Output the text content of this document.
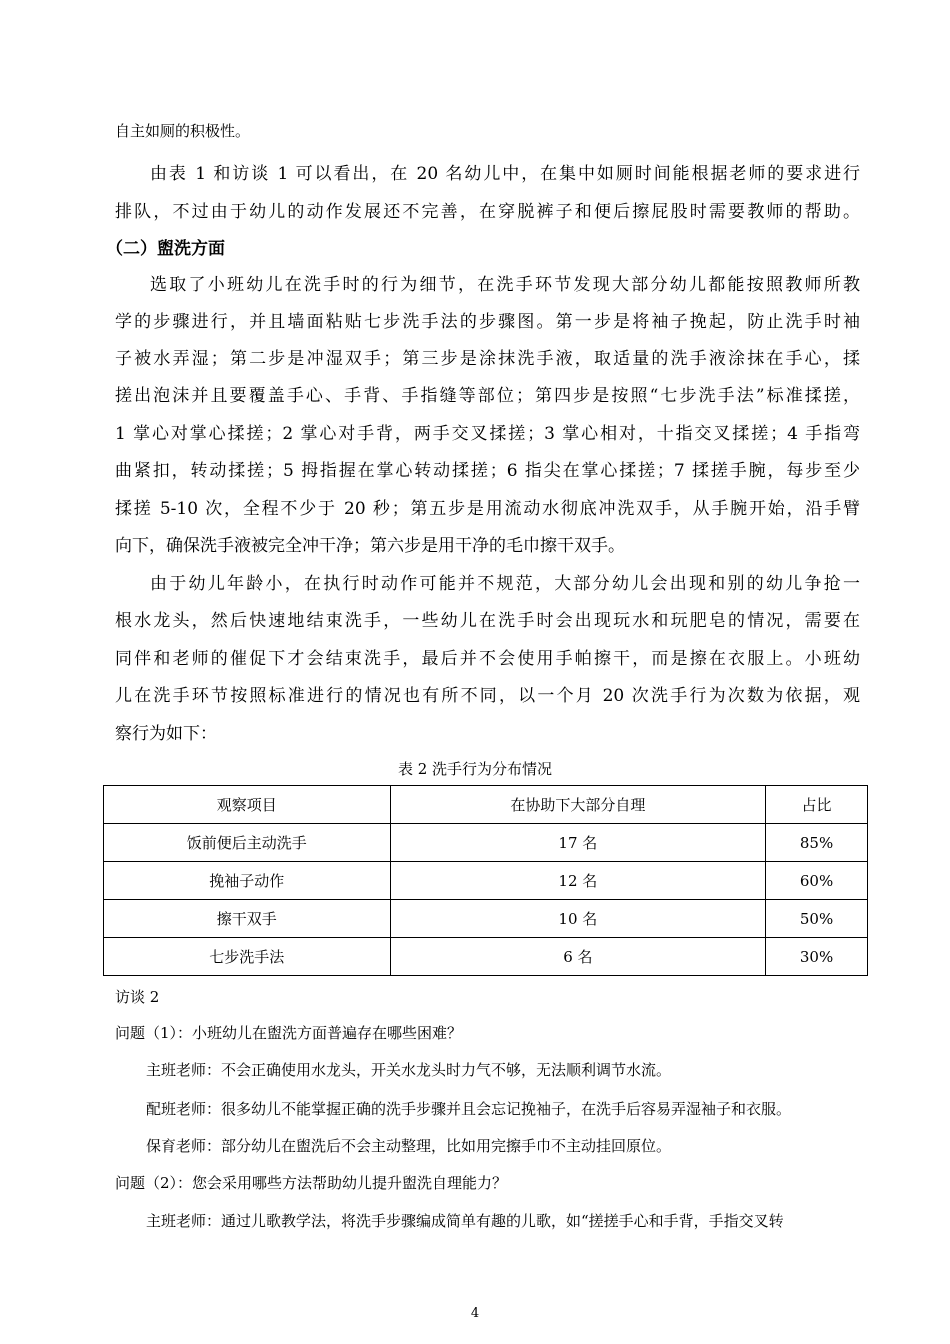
自主如厕的积极性。
由表 1 和访谈 1 可以看出，在 20 名幼儿中，在集中如厕时间能根据老师的要求进行
排队，不过由于幼儿的动作发展还不完善，在穿脱裤子和便后擦屁股时需要教师的帮助。
（二）盥洗方面
选取了小班幼儿在洗手时的行为细节，在洗手环节发现大部分幼儿都能按照教师所教
学的步骤进行，并且墙面粘贴七步洗手法的步骤图。第一步是将袖子挽起，防止洗手时袖
子被水弄湿；第二步是冲湿双手；第三步是涂抹洗手液，取适量的洗手液涂抹在手心，揉
搓出泡沫并且要覆盖手心、手背、手指缝等部位；第四步是按照“七步洗手法”标准揉搓，
1 掌心对掌心揉搓；2 掌心对手背，两手交叉揉搓；3 掌心相对，十指交叉揉搓；4 手指弯
曲紧扣，转动揉搓；5 拇指握在掌心转动揉搓；6 指尖在掌心揉搓；7 揉搓手腕，每步至少
揉搓 5-10 次，全程不少于 20 秒；第五步是用流动水彻底冲洗双手，从手腕开始，沿手臂
向下，确保洗手液被完全冲干净；第六步是用干净的毛巾擦干双手。
由于幼儿年龄小，在执行时动作可能并不规范，大部分幼儿会出现和别的幼儿争抢一
根水龙头，然后快速地结束洗手，一些幼儿在洗手时会出现玩水和玩肥皂的情况，需要在
同伴和老师的催促下才会结束洗手，最后并不会使用手帕擦干，而是擦在衣服上。小班幼
儿在洗手环节按照标准进行的情况也有所不同，以一个月 20 次洗手行为次数为依据，观
察行为如下：
表 2 洗手行为分布情况
观察项目	在协助下大部分自理	占比
饭前便后主动洗手	17 名	85%
挽袖子动作	12 名	60%
擦干双手	10 名	50%
七步洗手法	6 名	30%
访谈 2
问题（1）：小班幼儿在盥洗方面普遍存在哪些困难？
主班老师：不会正确使用水龙头，开关水龙头时力气不够，无法顺利调节水流。
配班老师：很多幼儿不能掌握正确的洗手步骤并且会忘记挽袖子，在洗手后容易弄湿袖子和衣服。
保育老师：部分幼儿在盥洗后不会主动整理，比如用完擦手巾不主动挂回原位。
问题（2）：您会采用哪些方法帮助幼儿提升盥洗自理能力？
主班老师：通过儿歌教学法，将洗手步骤编成简单有趣的儿歌，如“搓搓手心和手背，手指交叉转
4
